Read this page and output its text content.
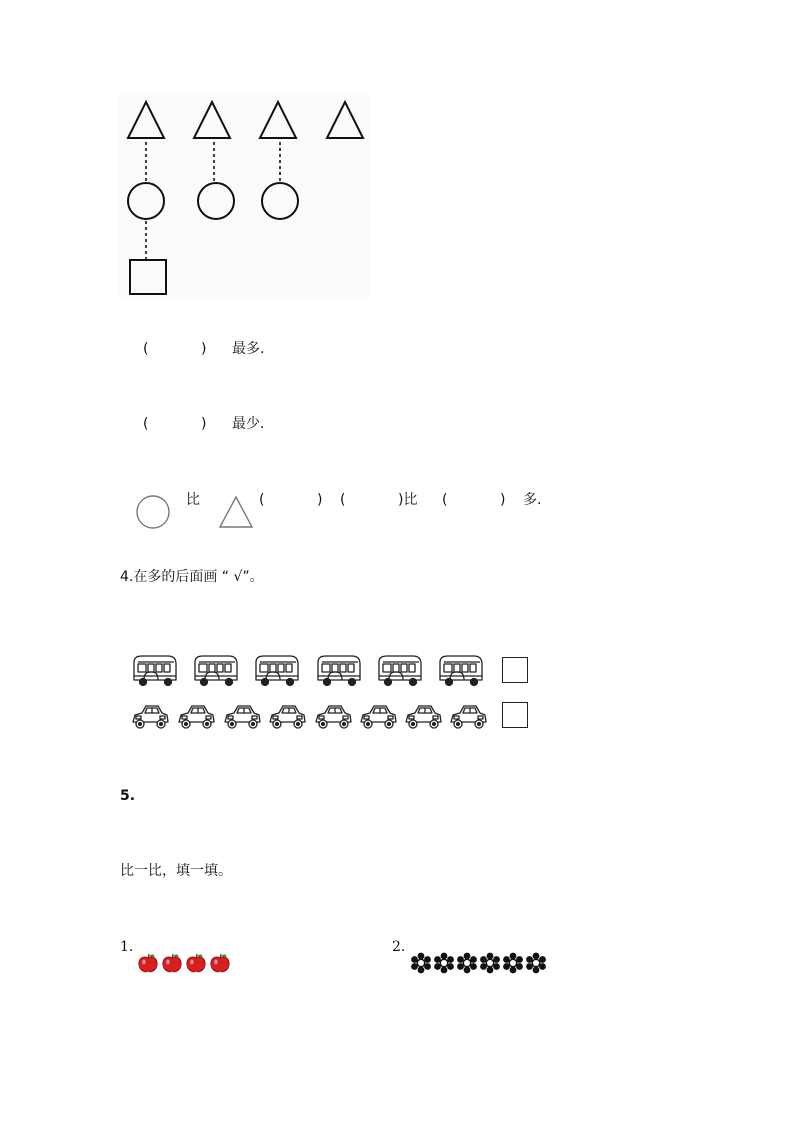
(	) 最多.
(	) 最少.
比	(	) (	)比 (	) 多.
4.在多的后面画 “ √”。
5.
比一比，填一填。
1.	2.
